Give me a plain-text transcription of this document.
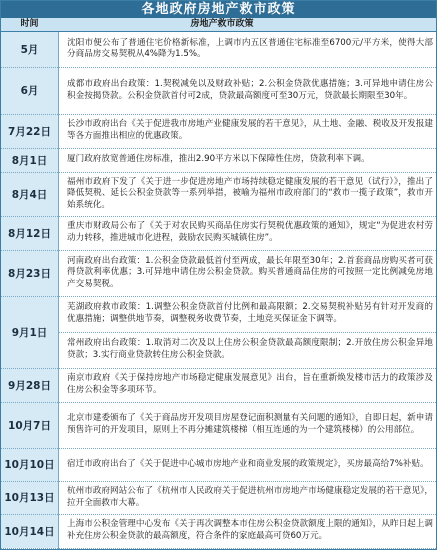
各地政府房地产救市政策
时间	房地产救市政策
5月	沈阳市便公布了普通住宅价格新标准，上调市内五区普通住宅标准至6700元/平方米，使得大部分商品房交易契税从4%降为1.5%。
6月	成都市政府出台政策：1.契税减免以及财政补贴；2.公积金贷款优惠措施；3.可异地申请住房公积金按揭贷款。公积金贷款首付可2成，贷款最高额度可至30万元，贷款最长期限至30年。
7月22日	长沙市政府出台《关于促进我市房地产业健康发展的若干意见》，从土地、金融、税收及开发报建等各方面推出相应的优惠政策。
8月1日	厦门政府放宽普通住房标准，推出2.90平方米以下保障性住房，贷款利率下调。
8月4日	福州市政府下发了《关于进一步促进房地产市场持续稳定健康发展的若干意见（试行）》，推出了降低契税、延长公积金贷款等一系列举措，被喻为福州市政府部门的“救市一揽子政策”，救市开始系统化。
8月12日	重庆市财政局公布了《关于对农民购买商品住房实行契税优惠政策的通知》，规定“为促进农村劳动力转移，推进城市化进程，鼓励农民购买城镇住房”。
8月23日	河南政府出台政策：1.公积金贷款最低首付至两成，最长年限至30年；2.首套商品房购买者可获得贷款利率优惠；3.可异地申请住房公积金贷款。购买普通商品住房的可按照一定比例减免房地产交易契税。
9月1日	芜湖政府救市政策：1.调整公积金贷款首付比例和最高限额；2.交易契税补贴另有针对开发商的优惠措施；调整供地节奏，调整税务收费节奏，土地竞买保证金下调等。
	常州政府出台政策：1.取消对二次及以上住房公积金贷款最高额度限制；2.开放住房公积金异地贷款；3.实行商业贷款转住房公积金贷款。
9月28日	南京市政府《关于保持房地产市场稳定健康发展意见》出台，旨在重新焕发楼市活力的政策涉及住房公积金等多项环节。
10月7日	北京市建委颁布了《关于商品房开发项目房屋登记面积测量有关问题的通知》，自即日起，新申请预售许可的开发项目，原则上不再分摊建筑楼梯（相互连通的为一个建筑楼梯）的公用部位。
10月10日	宿迁市政府出台了《关于促进中心城市房地产业和商业发展的政策规定》，买房最高给7%补贴。
10月13日	杭州市政府网站公布了《杭州市人民政府关于促进杭州市房地产市场健康稳定发展的若干意见》，拉开全面救市大幕。
10月14日	上海市公积金管理中心发布《关于再次调整本市住房公积金贷款额度上限的通知》，从昨日起上调补充住房公积金贷款的最高额度，符合条件的家庭最高可贷60万元。
